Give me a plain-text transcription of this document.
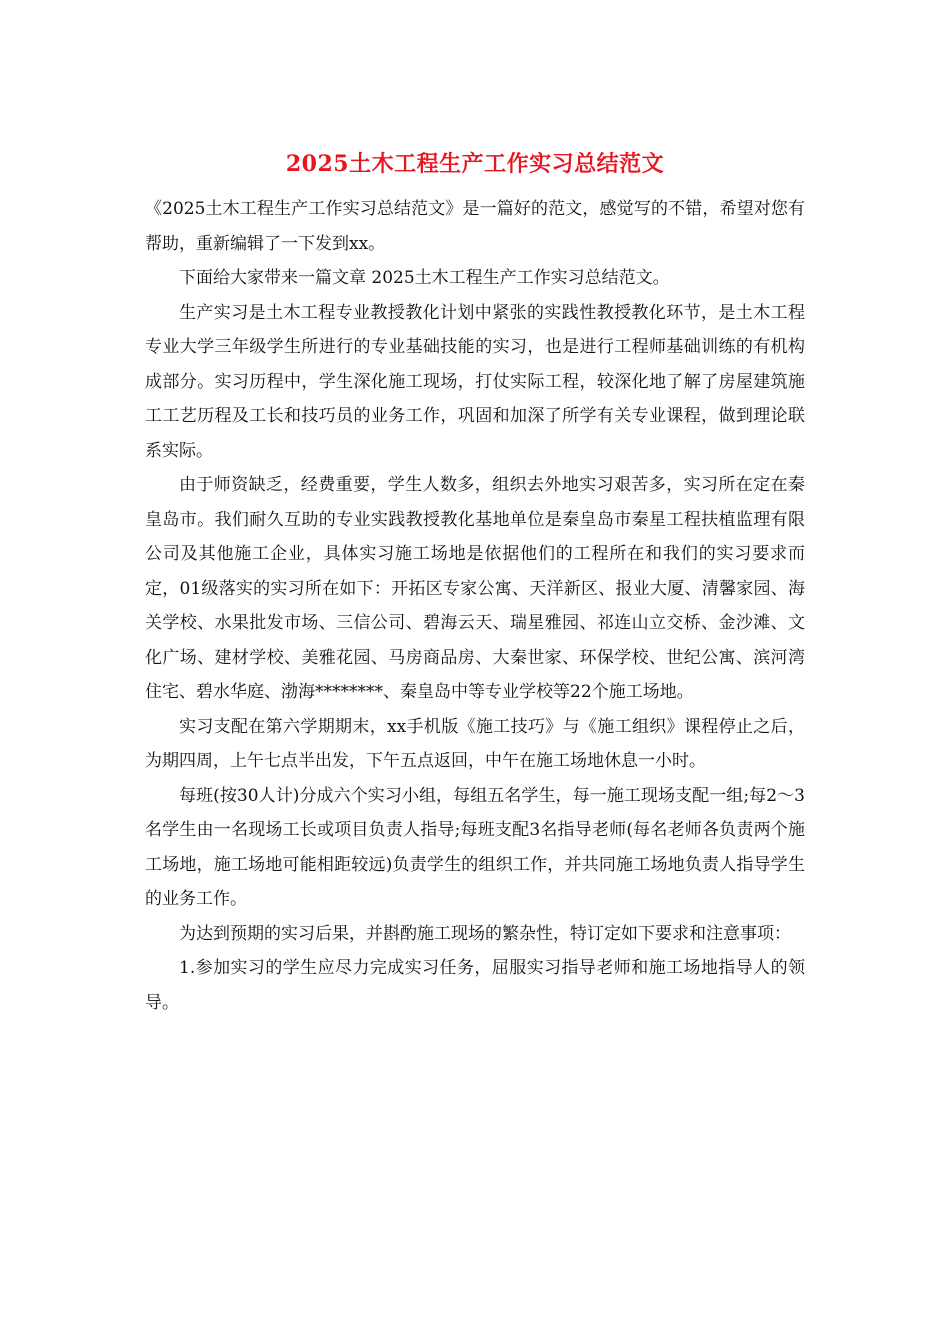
2025土木工程生产工作实习总结范文

《2025土木工程生产工作实习总结范文》是一篇好的范文，感觉写的不错，希望对您有帮助，重新编辑了一下发到xx。

下面给大家带来一篇文章 2025土木工程生产工作实习总结范文。

生产实习是土木工程专业教授教化计划中紧张的实践性教授教化环节，是土木工程专业大学三年级学生所进行的专业基础技能的实习，也是进行工程师基础训练的有机构成部分。实习历程中，学生深化施工现场，打仗实际工程，较深化地了解了房屋建筑施工工艺历程及工长和技巧员的业务工作，巩固和加深了所学有关专业课程，做到理论联系实际。

由于师资缺乏，经费重要，学生人数多，组织去外地实习艰苦多，实习所在定在秦皇岛市。我们耐久互助的专业实践教授教化基地单位是秦皇岛市秦星工程扶植监理有限公司及其他施工企业，具体实习施工场地是依据他们的工程所在和我们的实习要求而定，01级落实的实习所在如下：开拓区专家公寓、天洋新区、报业大厦、清馨家园、海关学校、水果批发市场、三信公司、碧海云天、瑞星雅园、祁连山立交桥、金沙滩、文化广场、建材学校、美雅花园、马房商品房、大秦世家、环保学校、世纪公寓、滨河湾住宅、碧水华庭、渤海********、秦皇岛中等专业学校等22个施工场地。

实习支配在第六学期期末，xx手机版《施工技巧》与《施工组织》课程停止之后，为期四周，上午七点半出发，下午五点返回，中午在施工场地休息一小时。

每班(按30人计)分成六个实习小组，每组五名学生，每一施工现场支配一组;每2～3名学生由一名现场工长或项目负责人指导;每班支配3名指导老师(每名老师各负责两个施工场地，施工场地可能相距较远)负责学生的组织工作，并共同施工场地负责人指导学生的业务工作。

为达到预期的实习后果，并斟酌施工现场的繁杂性，特订定如下要求和注意事项：

1.参加实习的学生应尽力完成实习任务，屈服实习指导老师和施工场地指导人的领导。
